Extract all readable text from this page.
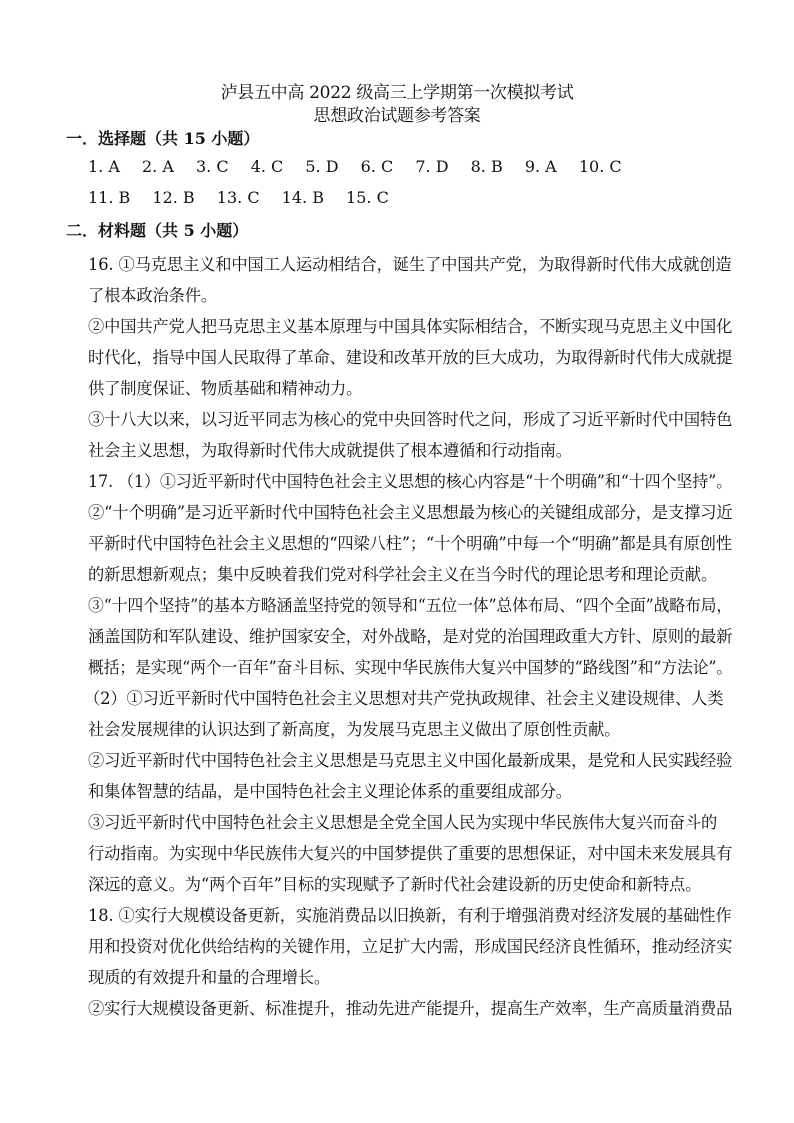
泸县五中高 2022 级高三上学期第一次模拟考试
思想政治试题参考答案
一．选择题（共 15 小题）
1. A 2. A 3. C 4. C 5. D 6. C 7. D 8. B 9. A 10. C
11. B 12. B 13. C 14. B 15. C
二．材料题（共 5 小题）
16. ①马克思主义和中国工人运动相结合，诞生了中国共产党，为取得新时代伟大成就创造
了根本政治条件。
②中国共产党人把马克思主义基本原理与中国具体实际相结合，不断实现马克思主义中国化
时代化，指导中国人民取得了革命、建设和改革开放的巨大成功，为取得新时代伟大成就提
供了制度保证、物质基础和精神动力。
③十八大以来，以习近平同志为核心的党中央回答时代之问，形成了习近平新时代中国特色
社会主义思想，为取得新时代伟大成就提供了根本遵循和行动指南。
17. （1）①习近平新时代中国特色社会主义思想的核心内容是“十个明确”和“十四个坚持”。
②“十个明确”是习近平新时代中国特色社会主义思想最为核心的关键组成部分，是支撑习近
平新时代中国特色社会主义思想的“四梁八柱”；“十个明确”中每一个“明确”都是具有原创性
的新思想新观点；集中反映着我们党对科学社会主义在当今时代的理论思考和理论贡献。
③“十四个坚持”的基本方略涵盖坚持党的领导和“五位一体”总体布局、“四个全面”战略布局，
涵盖国防和军队建设、维护国家安全，对外战略，是对党的治国理政重大方针、原则的最新
概括；是实现“两个一百年”奋斗目标、实现中华民族伟大复兴中国梦的“路线图”和“方法论”。
（2）①习近平新时代中国特色社会主义思想对共产党执政规律、社会主义建设规律、人类
社会发展规律的认识达到了新高度，为发展马克思主义做出了原创性贡献。
②习近平新时代中国特色社会主义思想是马克思主义中国化最新成果，是党和人民实践经验
和集体智慧的结晶，是中国特色社会主义理论体系的重要组成部分。
③习近平新时代中国特色社会主义思想是全党全国人民为实现中华民族伟大复兴而奋斗的
行动指南。为实现中华民族伟大复兴的中国梦提供了重要的思想保证，对中国未来发展具有
深远的意义。为“两个百年”目标的实现赋予了新时代社会建设新的历史使命和新特点。
18. ①实行大规模设备更新，实施消费品以旧换新，有利于增强消费对经济发展的基础性作
用和投资对优化供给结构的关键作用，立足扩大内需，形成国民经济良性循环，推动经济实
现质的有效提升和量的合理增长。
②实行大规模设备更新、标准提升，推动先进产能提升，提高生产效率，生产高质量消费品
